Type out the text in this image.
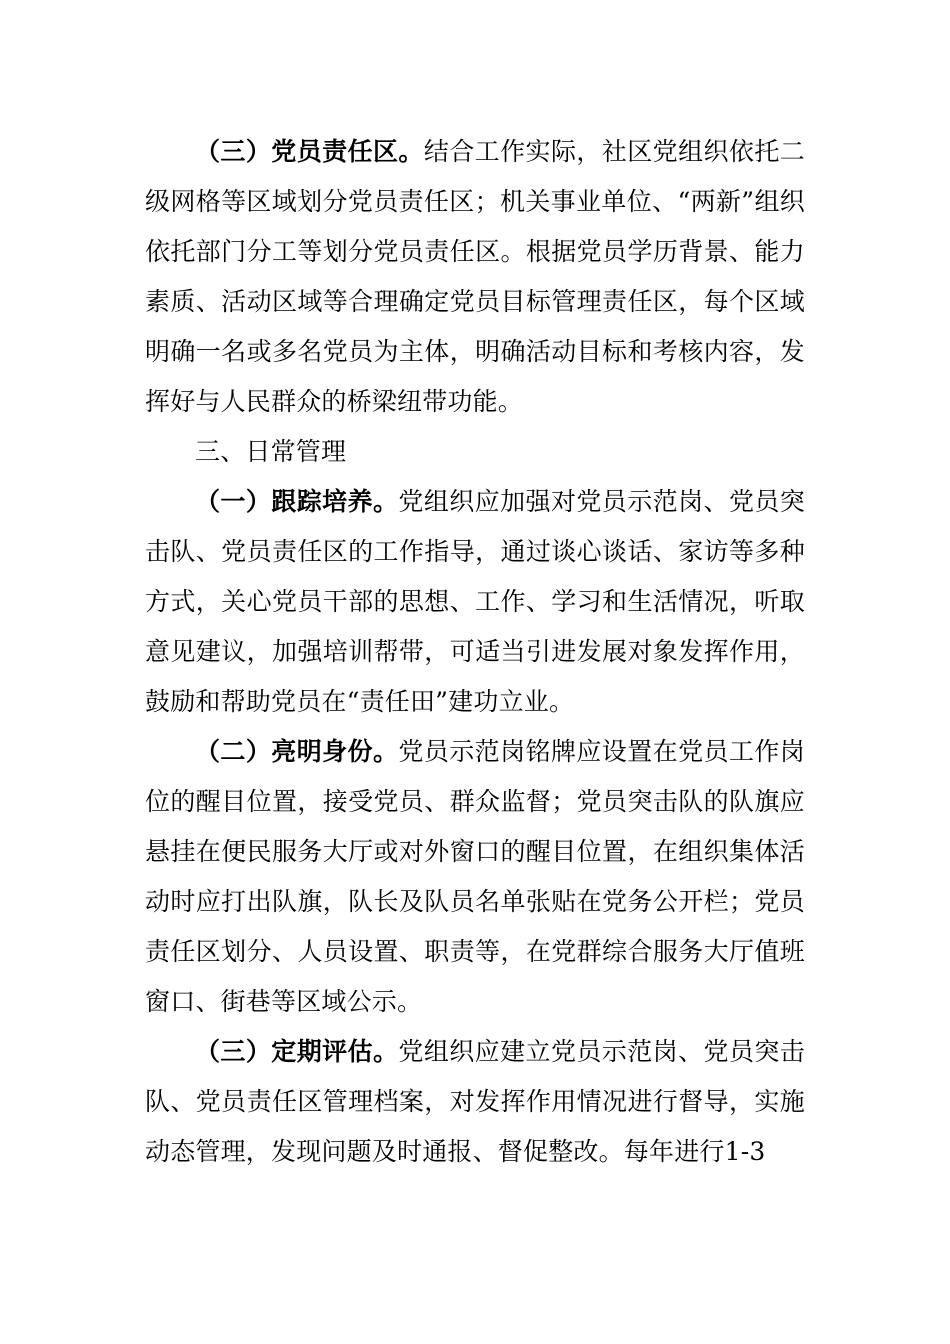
（三）党员责任区。结合工作实际，社区党组织依托二级网格等区域划分党员责任区；机关事业单位、“两新”组织依托部门分工等划分党员责任区。根据党员学历背景、能力素质、活动区域等合理确定党员目标管理责任区，每个区域明确一名或多名党员为主体，明确活动目标和考核内容，发挥好与人民群众的桥梁纽带功能。

三、日常管理

（一）跟踪培养。党组织应加强对党员示范岗、党员突击队、党员责任区的工作指导，通过谈心谈话、家访等多种方式，关心党员干部的思想、工作、学习和生活情况，听取意见建议，加强培训帮带，可适当引进发展对象发挥作用，鼓励和帮助党员在“责任田”建功立业。

（二）亮明身份。党员示范岗铭牌应设置在党员工作岗位的醒目位置，接受党员、群众监督；党员突击队的队旗应悬挂在便民服务大厅或对外窗口的醒目位置，在组织集体活动时应打出队旗，队长及队员名单张贴在党务公开栏；党员责任区划分、人员设置、职责等，在党群综合服务大厅值班窗口、街巷等区域公示。

（三）定期评估。党组织应建立党员示范岗、党员突击队、党员责任区管理档案，对发挥作用情况进行督导，实施动态管理，发现问题及时通报、督促整改。每年进行1-3
